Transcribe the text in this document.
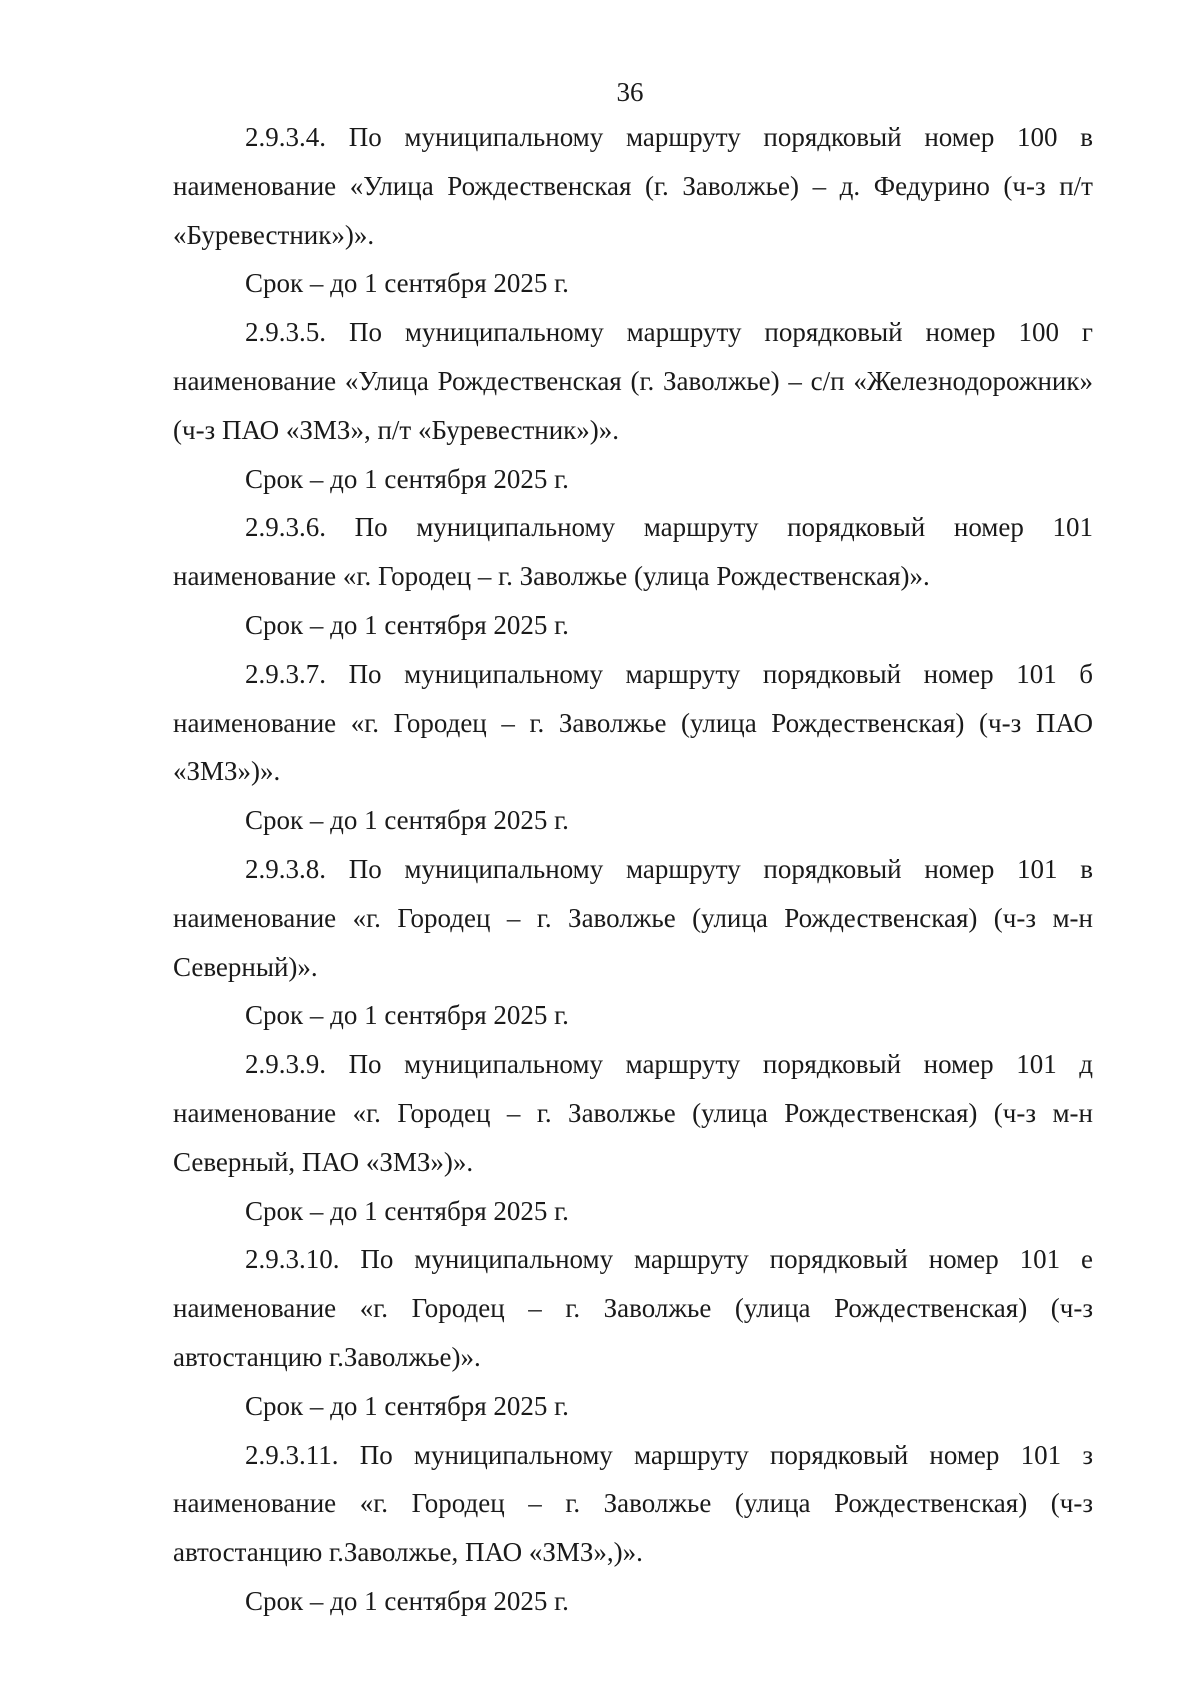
36

2.9.3.4. По муниципальному маршруту порядковый номер 100 в наименование «Улица Рождественская (г. Заволжье) – д. Федурино (ч-з п/т «Буревестник»)».

Срок – до 1 сентября 2025 г.

2.9.3.5. По муниципальному маршруту порядковый номер 100 г наименование «Улица Рождественская (г. Заволжье) – с/п «Железнодорожник» (ч-з ПАО «ЗМЗ», п/т «Буревестник»)».

Срок – до 1 сентября 2025 г.

2.9.3.6. По муниципальному маршруту порядковый номер 101 наименование «г. Городец – г. Заволжье (улица Рождественская)».

Срок – до 1 сентября 2025 г.

2.9.3.7. По муниципальному маршруту порядковый номер 101 б наименование «г. Городец – г. Заволжье (улица Рождественская) (ч-з ПАО «ЗМЗ»)».

Срок – до 1 сентября 2025 г.

2.9.3.8. По муниципальному маршруту порядковый номер 101 в наименование «г. Городец – г. Заволжье (улица Рождественская) (ч-з м-н Северный)».

Срок – до 1 сентября 2025 г.

2.9.3.9. По муниципальному маршруту порядковый номер 101 д наименование «г. Городец – г. Заволжье (улица Рождественская) (ч-з м-н Северный, ПАО «ЗМЗ»)».

Срок – до 1 сентября 2025 г.

2.9.3.10. По муниципальному маршруту порядковый номер 101 е наименование «г. Городец – г. Заволжье (улица Рождественская) (ч-з автостанцию г.Заволжье)».

Срок – до 1 сентября 2025 г.

2.9.3.11. По муниципальному маршруту порядковый номер 101 з наименование «г. Городец – г. Заволжье (улица Рождественская) (ч-з автостанцию г.Заволжье, ПАО «ЗМЗ»,)».

Срок – до 1 сентября 2025 г.
